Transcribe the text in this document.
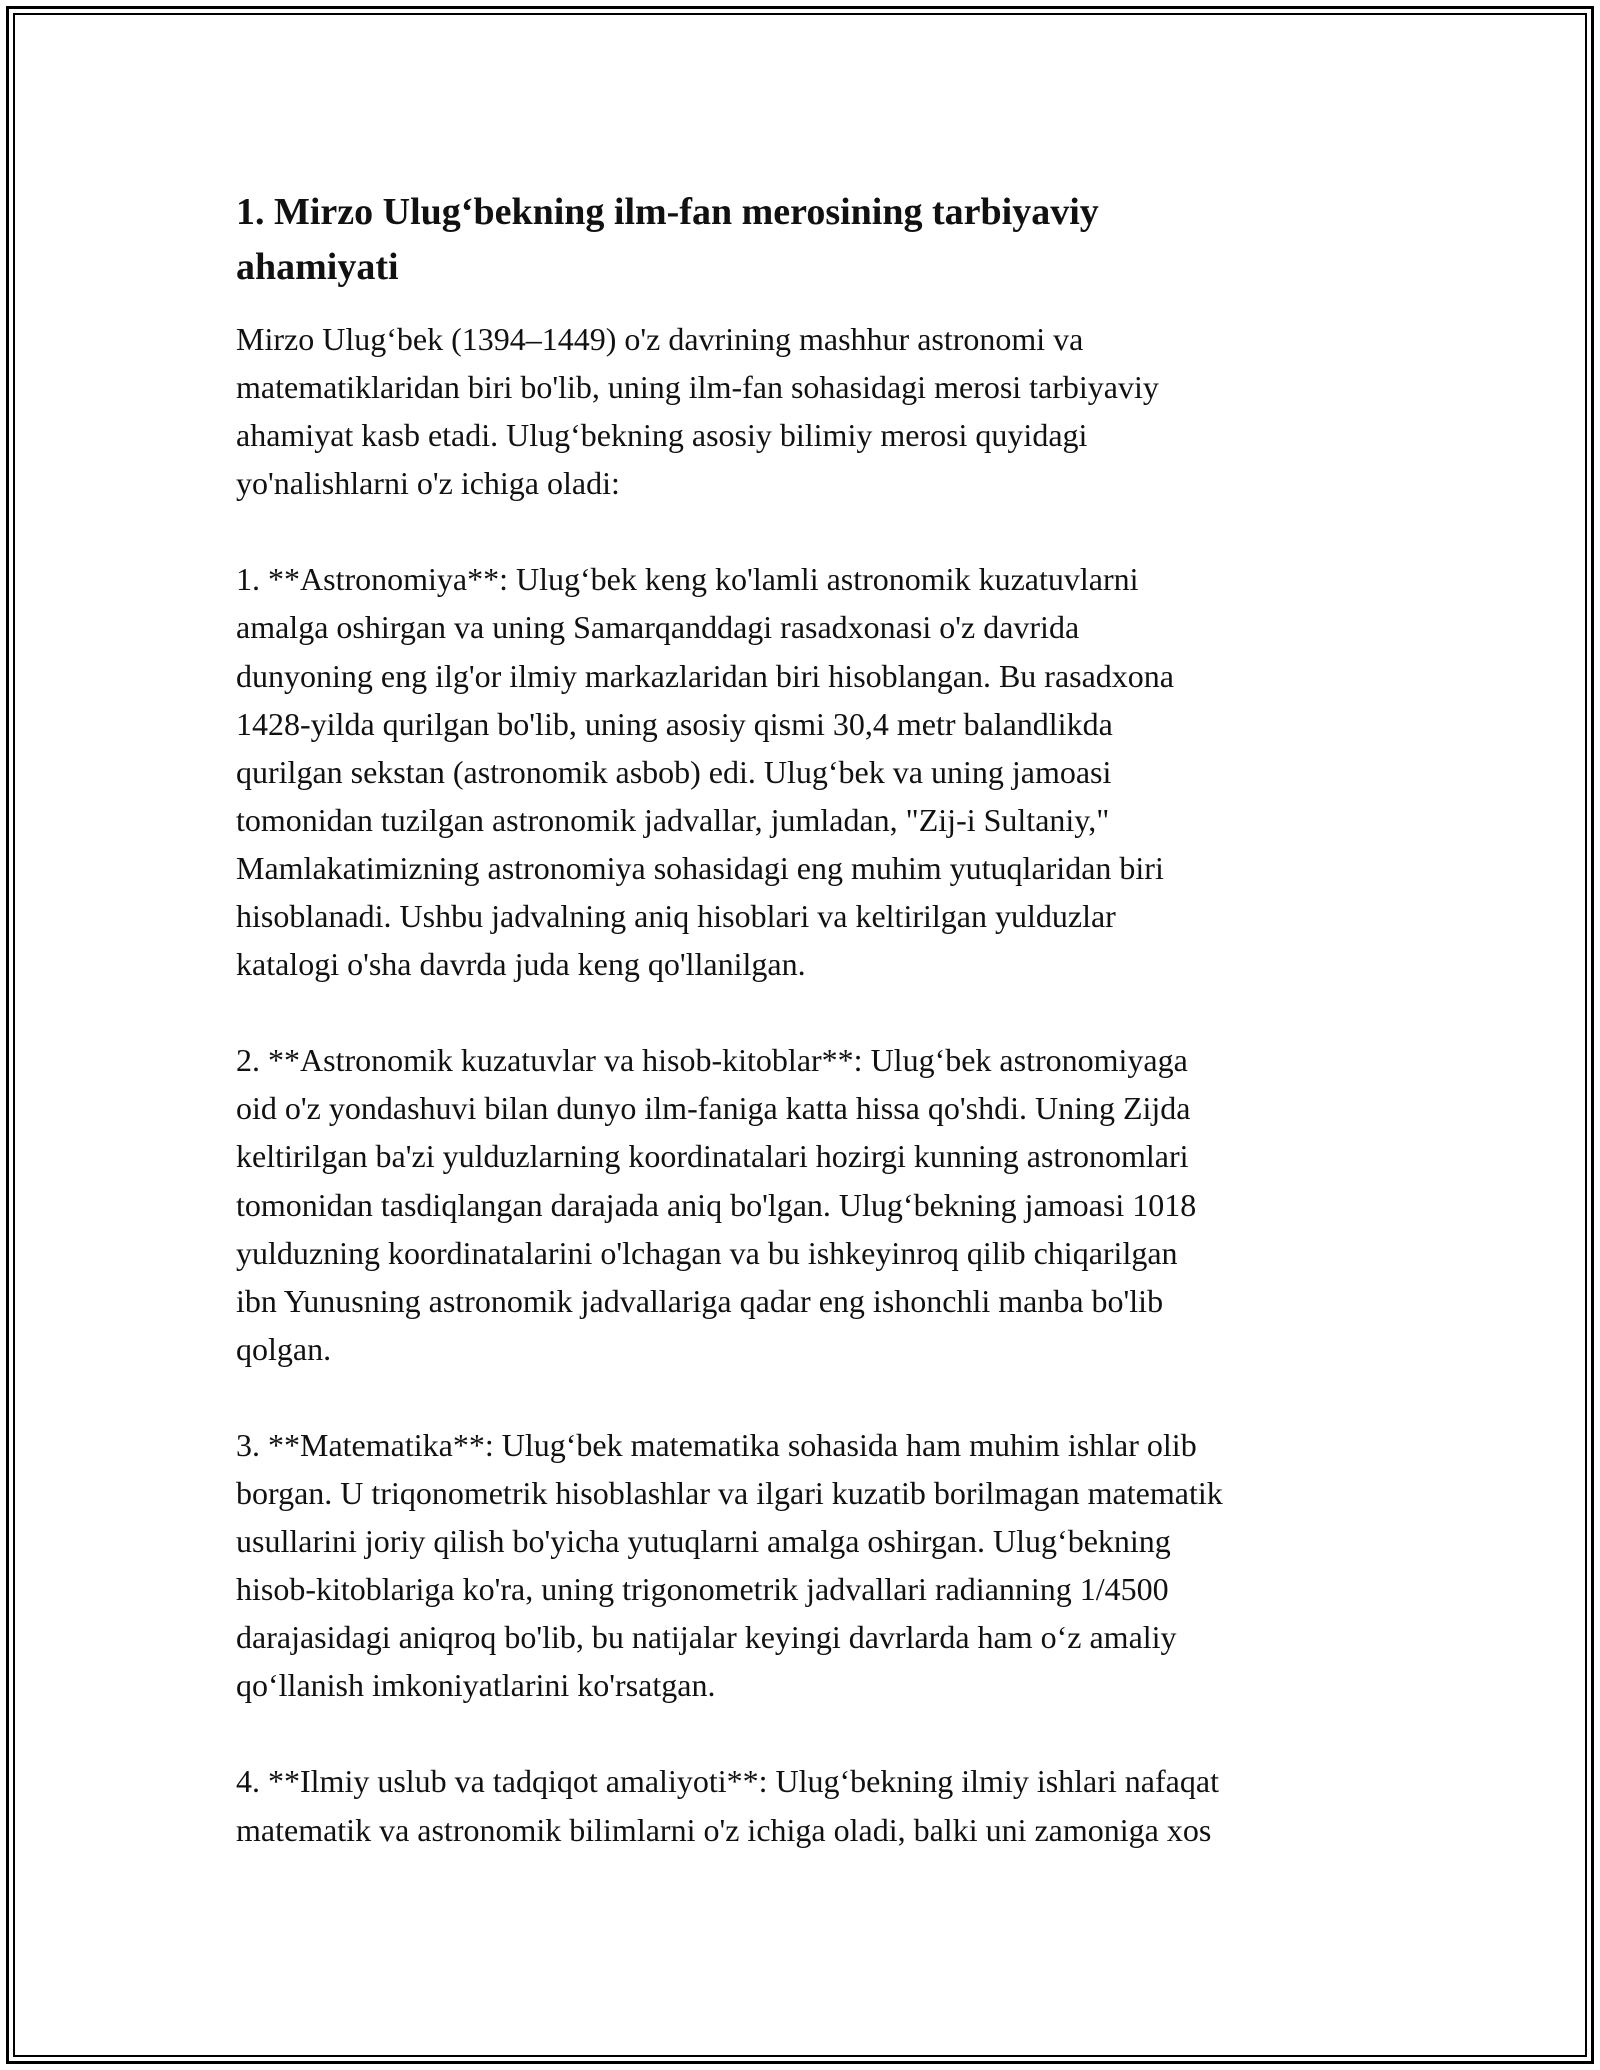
1. Mirzo Ulug‘bekning ilm-fan merosining tarbiyaviy
ahamiyati

Mirzo Ulug‘bek (1394–1449) o'z davrining mashhur astronomi va
matematiklaridan biri bo'lib, uning ilm-fan sohasidagi merosi tarbiyaviy
ahamiyat kasb etadi. Ulug‘bekning asosiy bilimiy merosi quyidagi
yo'nalishlarni o'z ichiga oladi:

1. **Astronomiya**: Ulug‘bek keng ko'lamli astronomik kuzatuvlarni
amalga oshirgan va uning Samarqanddagi rasadxonasi o'z davrida
dunyoning eng ilg'or ilmiy markazlaridan biri hisoblangan. Bu rasadxona
1428-yilda qurilgan bo'lib, uning asosiy qismi 30,4 metr balandlikda
qurilgan sekstan (astronomik asbob) edi. Ulug‘bek va uning jamoasi
tomonidan tuzilgan astronomik jadvallar, jumladan, "Zij-i Sultaniy,"
Mamlakatimizning astronomiya sohasidagi eng muhim yutuqlaridan biri
hisoblanadi. Ushbu jadvalning aniq hisoblari va keltirilgan yulduzlar
katalogi o'sha davrda juda keng qo'llanilgan.

2. **Astronomik kuzatuvlar va hisob-kitoblar**: Ulug‘bek astronomiyaga
oid o'z yondashuvi bilan dunyo ilm-faniga katta hissa qo'shdi. Uning Zijda
keltirilgan ba'zi yulduzlarning koordinatalari hozirgi kunning astronomlari
tomonidan tasdiqlangan darajada aniq bo'lgan. Ulug‘bekning jamoasi 1018
yulduzning koordinatalarini o'lchagan va bu ishkeyinroq qilib chiqarilgan
ibn Yunusning astronomik jadvallariga qadar eng ishonchli manba bo'lib
qolgan.

3. **Matematika**: Ulug‘bek matematika sohasida ham muhim ishlar olib
borgan. U triqonometrik hisoblashlar va ilgari kuzatib borilmagan matematik
usullarini joriy qilish bo'yicha yutuqlarni amalga oshirgan. Ulug‘bekning
hisob-kitoblariga ko'ra, uning trigonometrik jadvallari radianning 1/4500
darajasidagi aniqroq bo'lib, bu natijalar keyingi davrlarda ham o‘z amaliy
qo‘llanish imkoniyatlarini ko'rsatgan.

4. **Ilmiy uslub va tadqiqot amaliyoti**: Ulug‘bekning ilmiy ishlari nafaqat
matematik va astronomik bilimlarni o'z ichiga oladi, balki uni zamoniga xos
